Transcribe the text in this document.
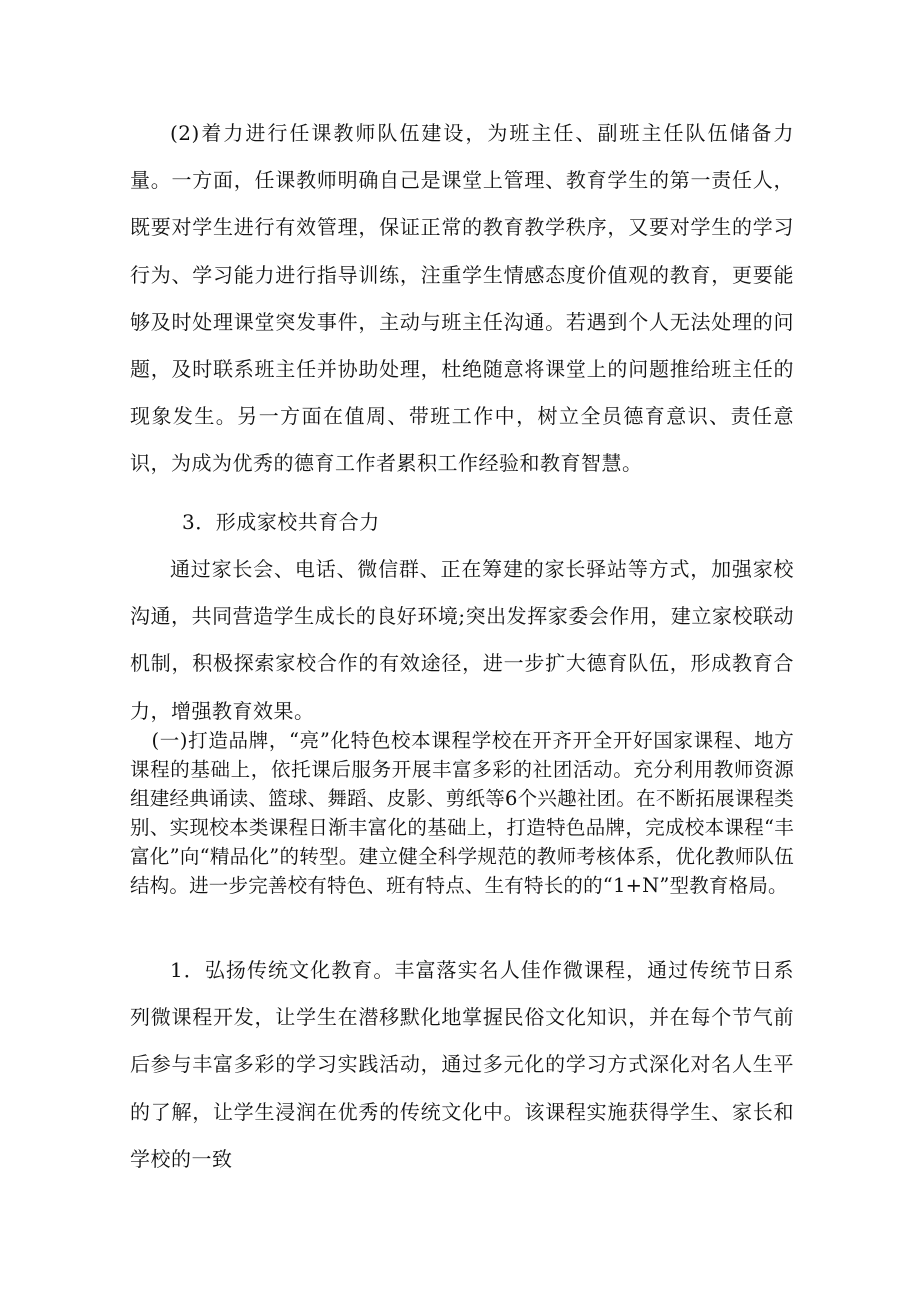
(2)着力进行任课教师队伍建设，为班主任、副班主任队伍储备力量。一方面，任课教师明确自己是课堂上管理、教育学生的第一责任人，既要对学生进行有效管理，保证正常的教育教学秩序，又要对学生的学习行为、学习能力进行指导训练，注重学生情感态度价值观的教育，更要能够及时处理课堂突发事件，主动与班主任沟通。若遇到个人无法处理的问题，及时联系班主任并协助处理，杜绝随意将课堂上的问题推给班主任的现象发生。另一方面在值周、带班工作中，树立全员德育意识、责任意识，为成为优秀的德育工作者累积工作经验和教育智慧。

3．形成家校共育合力

通过家长会、电话、微信群、正在筹建的家长驿站等方式，加强家校沟通，共同营造学生成长的良好环境;突出发挥家委会作用，建立家校联动机制，积极探索家校合作的有效途径，进一步扩大德育队伍，形成教育合力，增强教育效果。

(一)打造品牌，“亮”化特色校本课程学校在开齐开全开好国家课程、地方课程的基础上，依托课后服务开展丰富多彩的社团活动。充分利用教师资源组建经典诵读、篮球、舞蹈、皮影、剪纸等6个兴趣社团。在不断拓展课程类别、实现校本类课程日渐丰富化的基础上，打造特色品牌，完成校本课程“丰富化”向“精品化”的转型。建立健全科学规范的教师考核体系，优化教师队伍结构。进一步完善校有特色、班有特点、生有特长的的“1+N”型教育格局。

1．弘扬传统文化教育。丰富落实名人佳作微课程，通过传统节日系列微课程开发，让学生在潜移默化地掌握民俗文化知识，并在每个节气前后参与丰富多彩的学习实践活动，通过多元化的学习方式深化对名人生平的了解，让学生浸润在优秀的传统文化中。该课程实施获得学生、家长和学校的一致
